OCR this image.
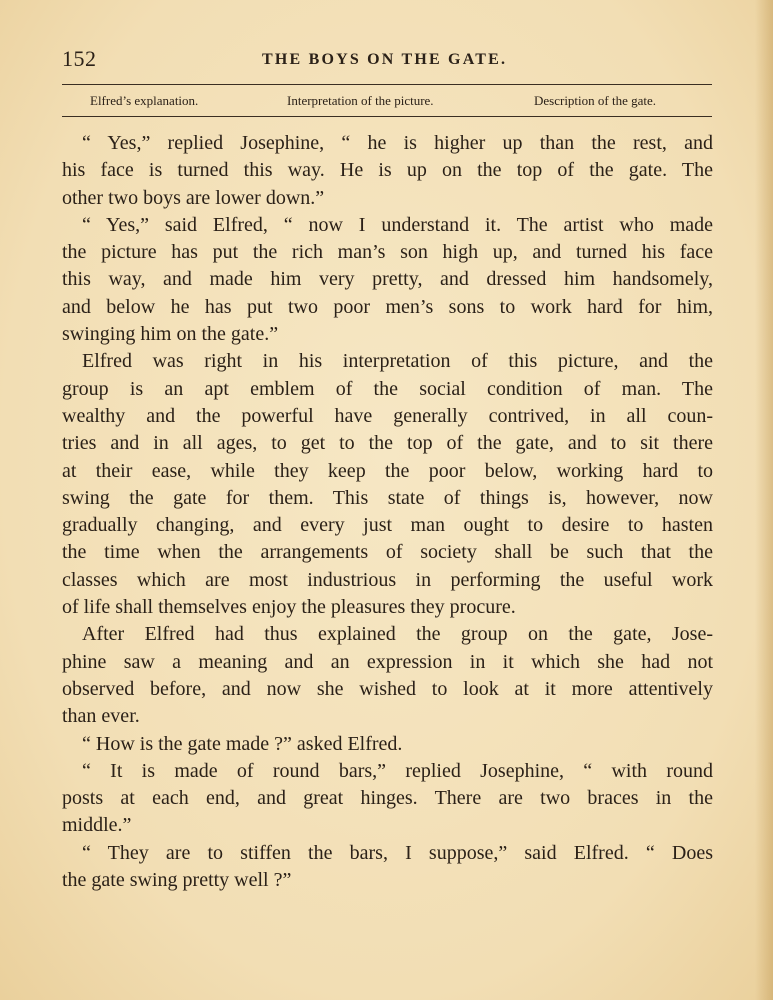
152	THE BOYS ON THE GATE.
Elfred’s explanation.	Interpretation of the picture.	Description of the gate.
“ Yes,” replied Josephine, “ he is higher up than the rest, and
his face is turned this way. He is up on the top of the gate. The
other two boys are lower down.”
“ Yes,” said Elfred, “ now I understand it. The artist who made
the picture has put the rich man’s son high up, and turned his face
this way, and made him very pretty, and dressed him handsomely,
and below he has put two poor men’s sons to work hard for him,
swinging him on the gate.”
Elfred was right in his interpretation of this picture, and the
group is an apt emblem of the social condition of man. The
wealthy and the powerful have generally contrived, in all coun-
tries and in all ages, to get to the top of the gate, and to sit there
at their ease, while they keep the poor below, working hard to
swing the gate for them. This state of things is, however, now
gradually changing, and every just man ought to desire to hasten
the time when the arrangements of society shall be such that the
classes which are most industrious in performing the useful work
of life shall themselves enjoy the pleasures they procure.
After Elfred had thus explained the group on the gate, Jose-
phine saw a meaning and an expression in it which she had not
observed before, and now she wished to look at it more attentively
than ever.
“ How is the gate made ?” asked Elfred.
“ It is made of round bars,” replied Josephine, “ with round
posts at each end, and great hinges. There are two braces in the
middle.”
“ They are to stiffen the bars, I suppose,” said Elfred. “ Does
the gate swing pretty well ?”
